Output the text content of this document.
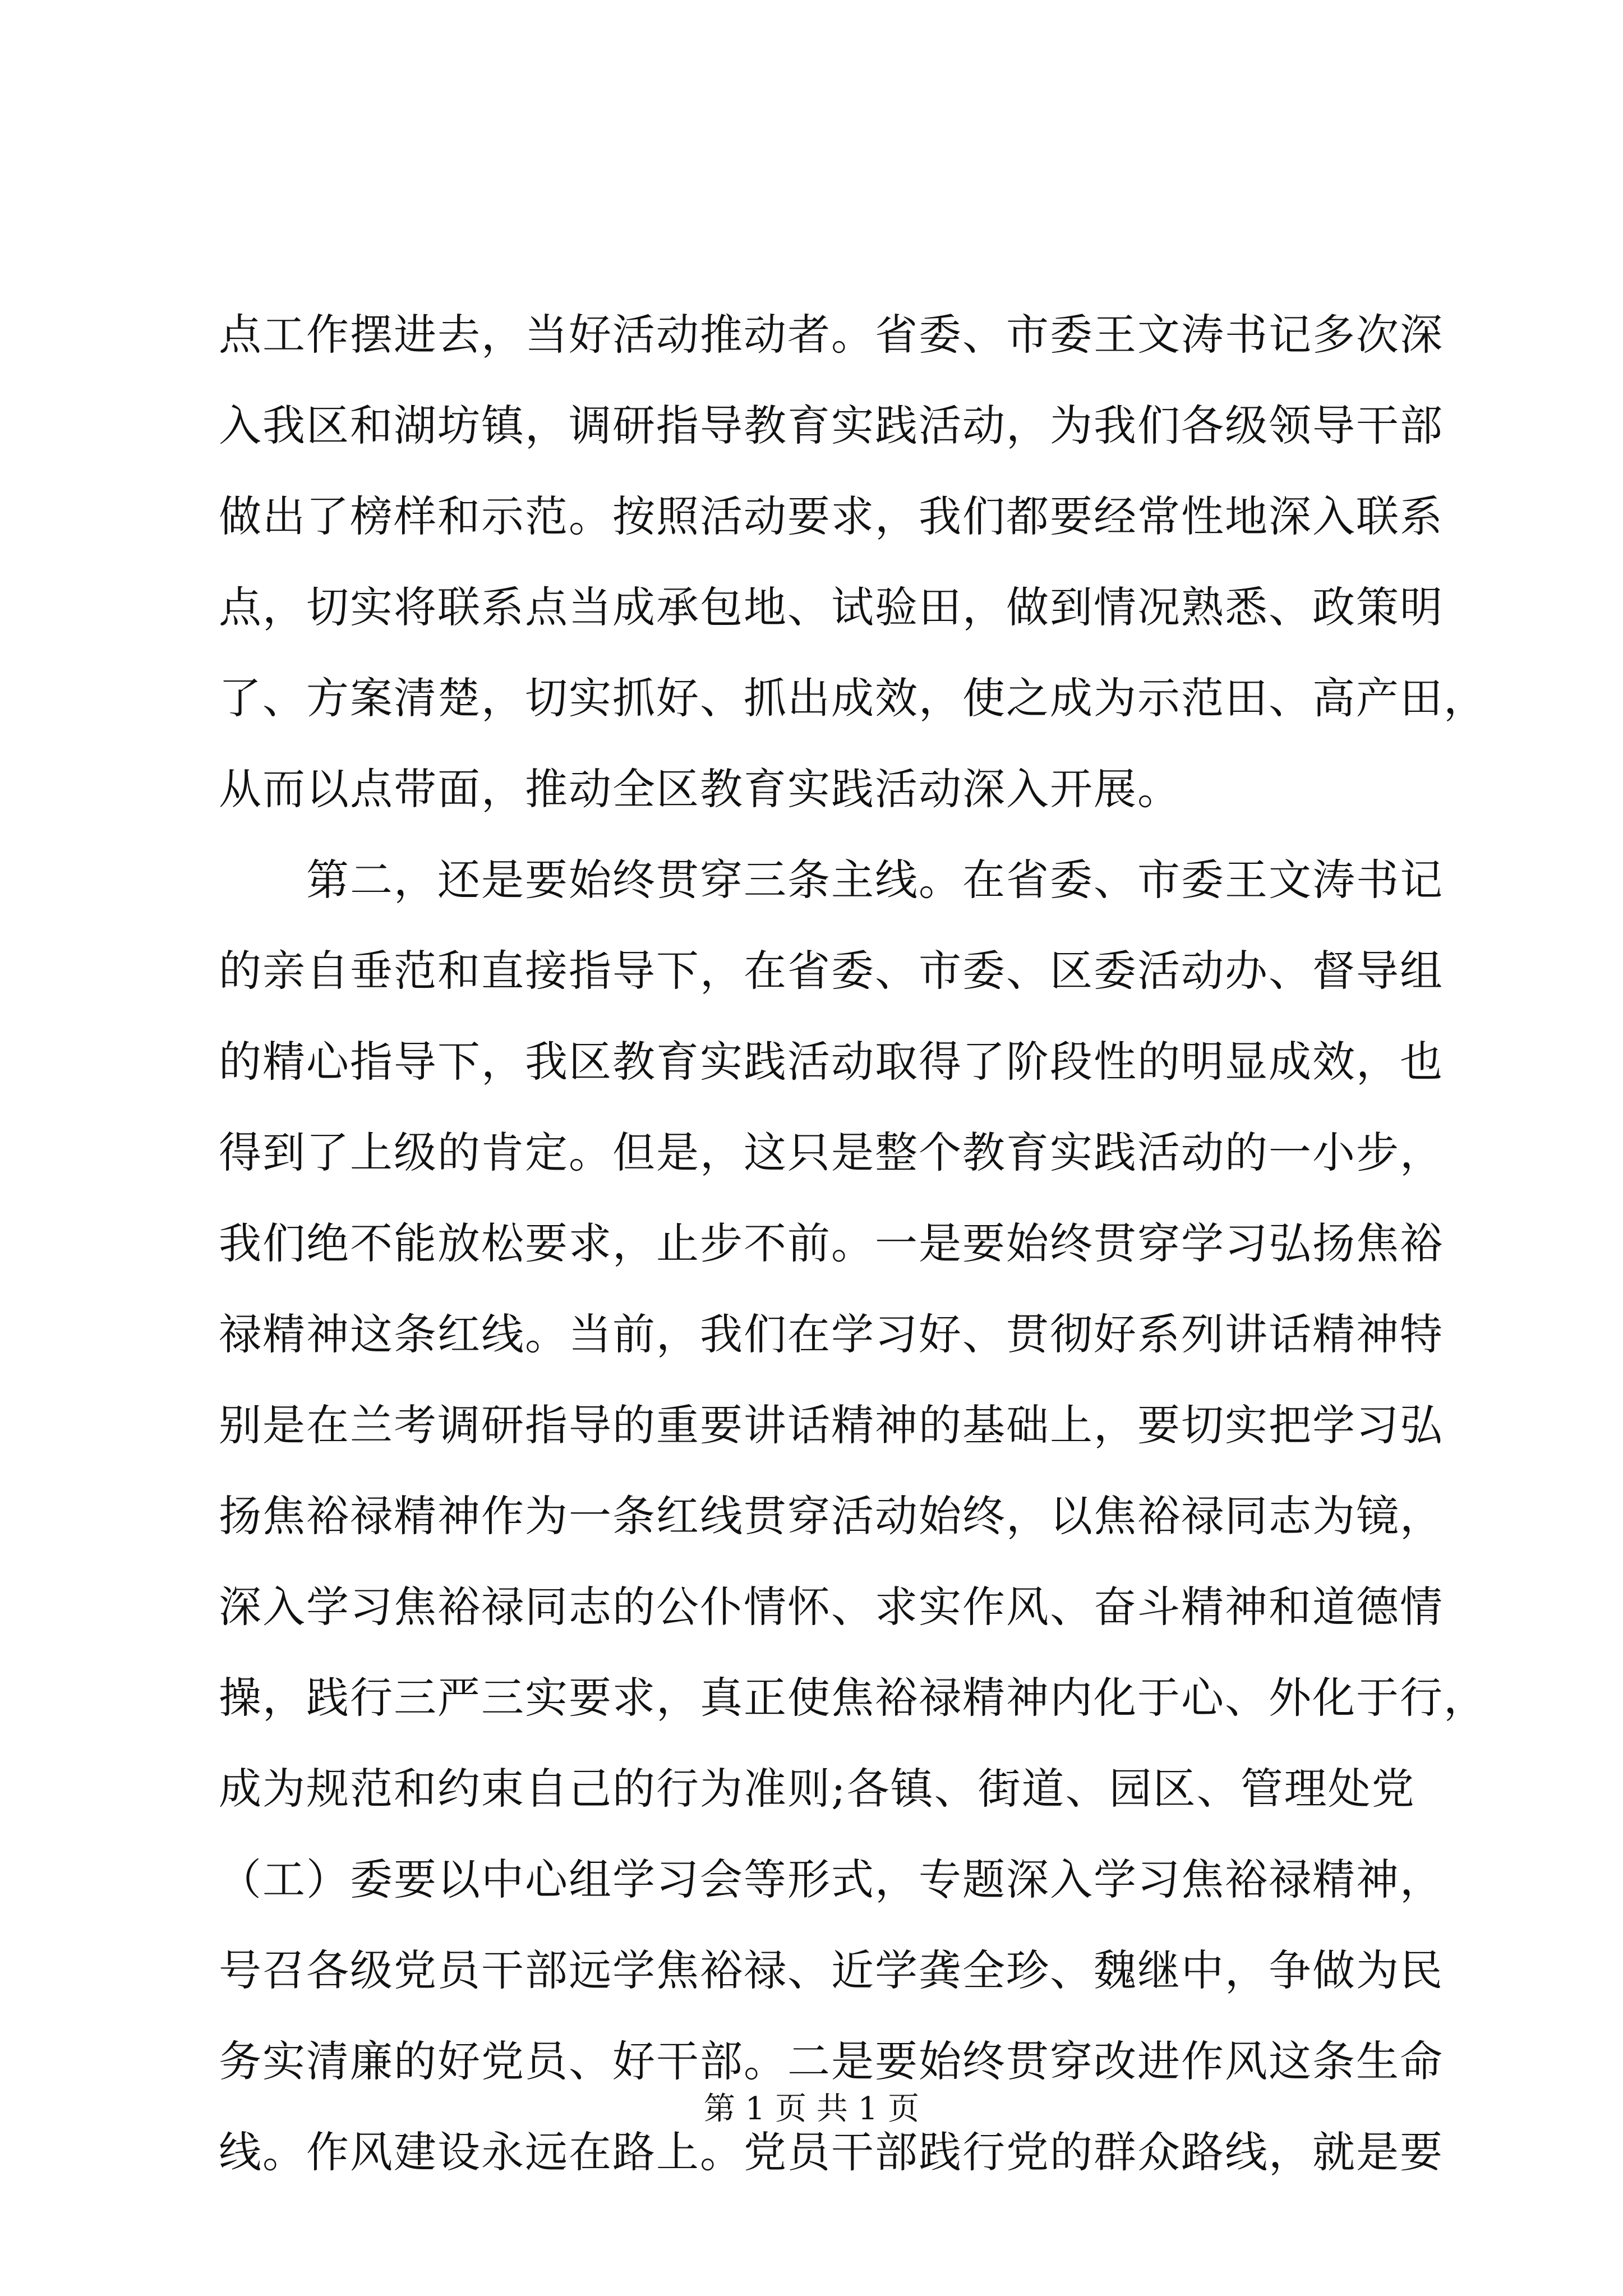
点工作摆进去，当好活动推动者。省委、市委王文涛书记多次深
入我区和湖坊镇，调研指导教育实践活动，为我们各级领导干部
做出了榜样和示范。按照活动要求，我们都要经常性地深入联系
点，切实将联系点当成承包地、试验田，做到情况熟悉、政策明
了、方案清楚，切实抓好、抓出成效，使之成为示范田、高产田，
从而以点带面，推动全区教育实践活动深入开展。
　　第二，还是要始终贯穿三条主线。在省委、市委王文涛书记
的亲自垂范和直接指导下，在省委、市委、区委活动办、督导组
的精心指导下，我区教育实践活动取得了阶段性的明显成效，也
得到了上级的肯定。但是，这只是整个教育实践活动的一小步，
我们绝不能放松要求，止步不前。一是要始终贯穿学习弘扬焦裕
禄精神这条红线。当前，我们在学习好、贯彻好系列讲话精神特
别是在兰考调研指导的重要讲话精神的基础上，要切实把学习弘
扬焦裕禄精神作为一条红线贯穿活动始终，以焦裕禄同志为镜，
深入学习焦裕禄同志的公仆情怀、求实作风、奋斗精神和道德情
操，践行三严三实要求，真正使焦裕禄精神内化于心、外化于行，
成为规范和约束自己的行为准则;各镇、街道、园区、管理处党
（工）委要以中心组学习会等形式，专题深入学习焦裕禄精神，
号召各级党员干部远学焦裕禄、近学龚全珍、魏继中，争做为民
务实清廉的好党员、好干部。二是要始终贯穿改进作风这条生命
线。作风建设永远在路上。党员干部践行党的群众路线，就是要
第 1 页 共 1 页
